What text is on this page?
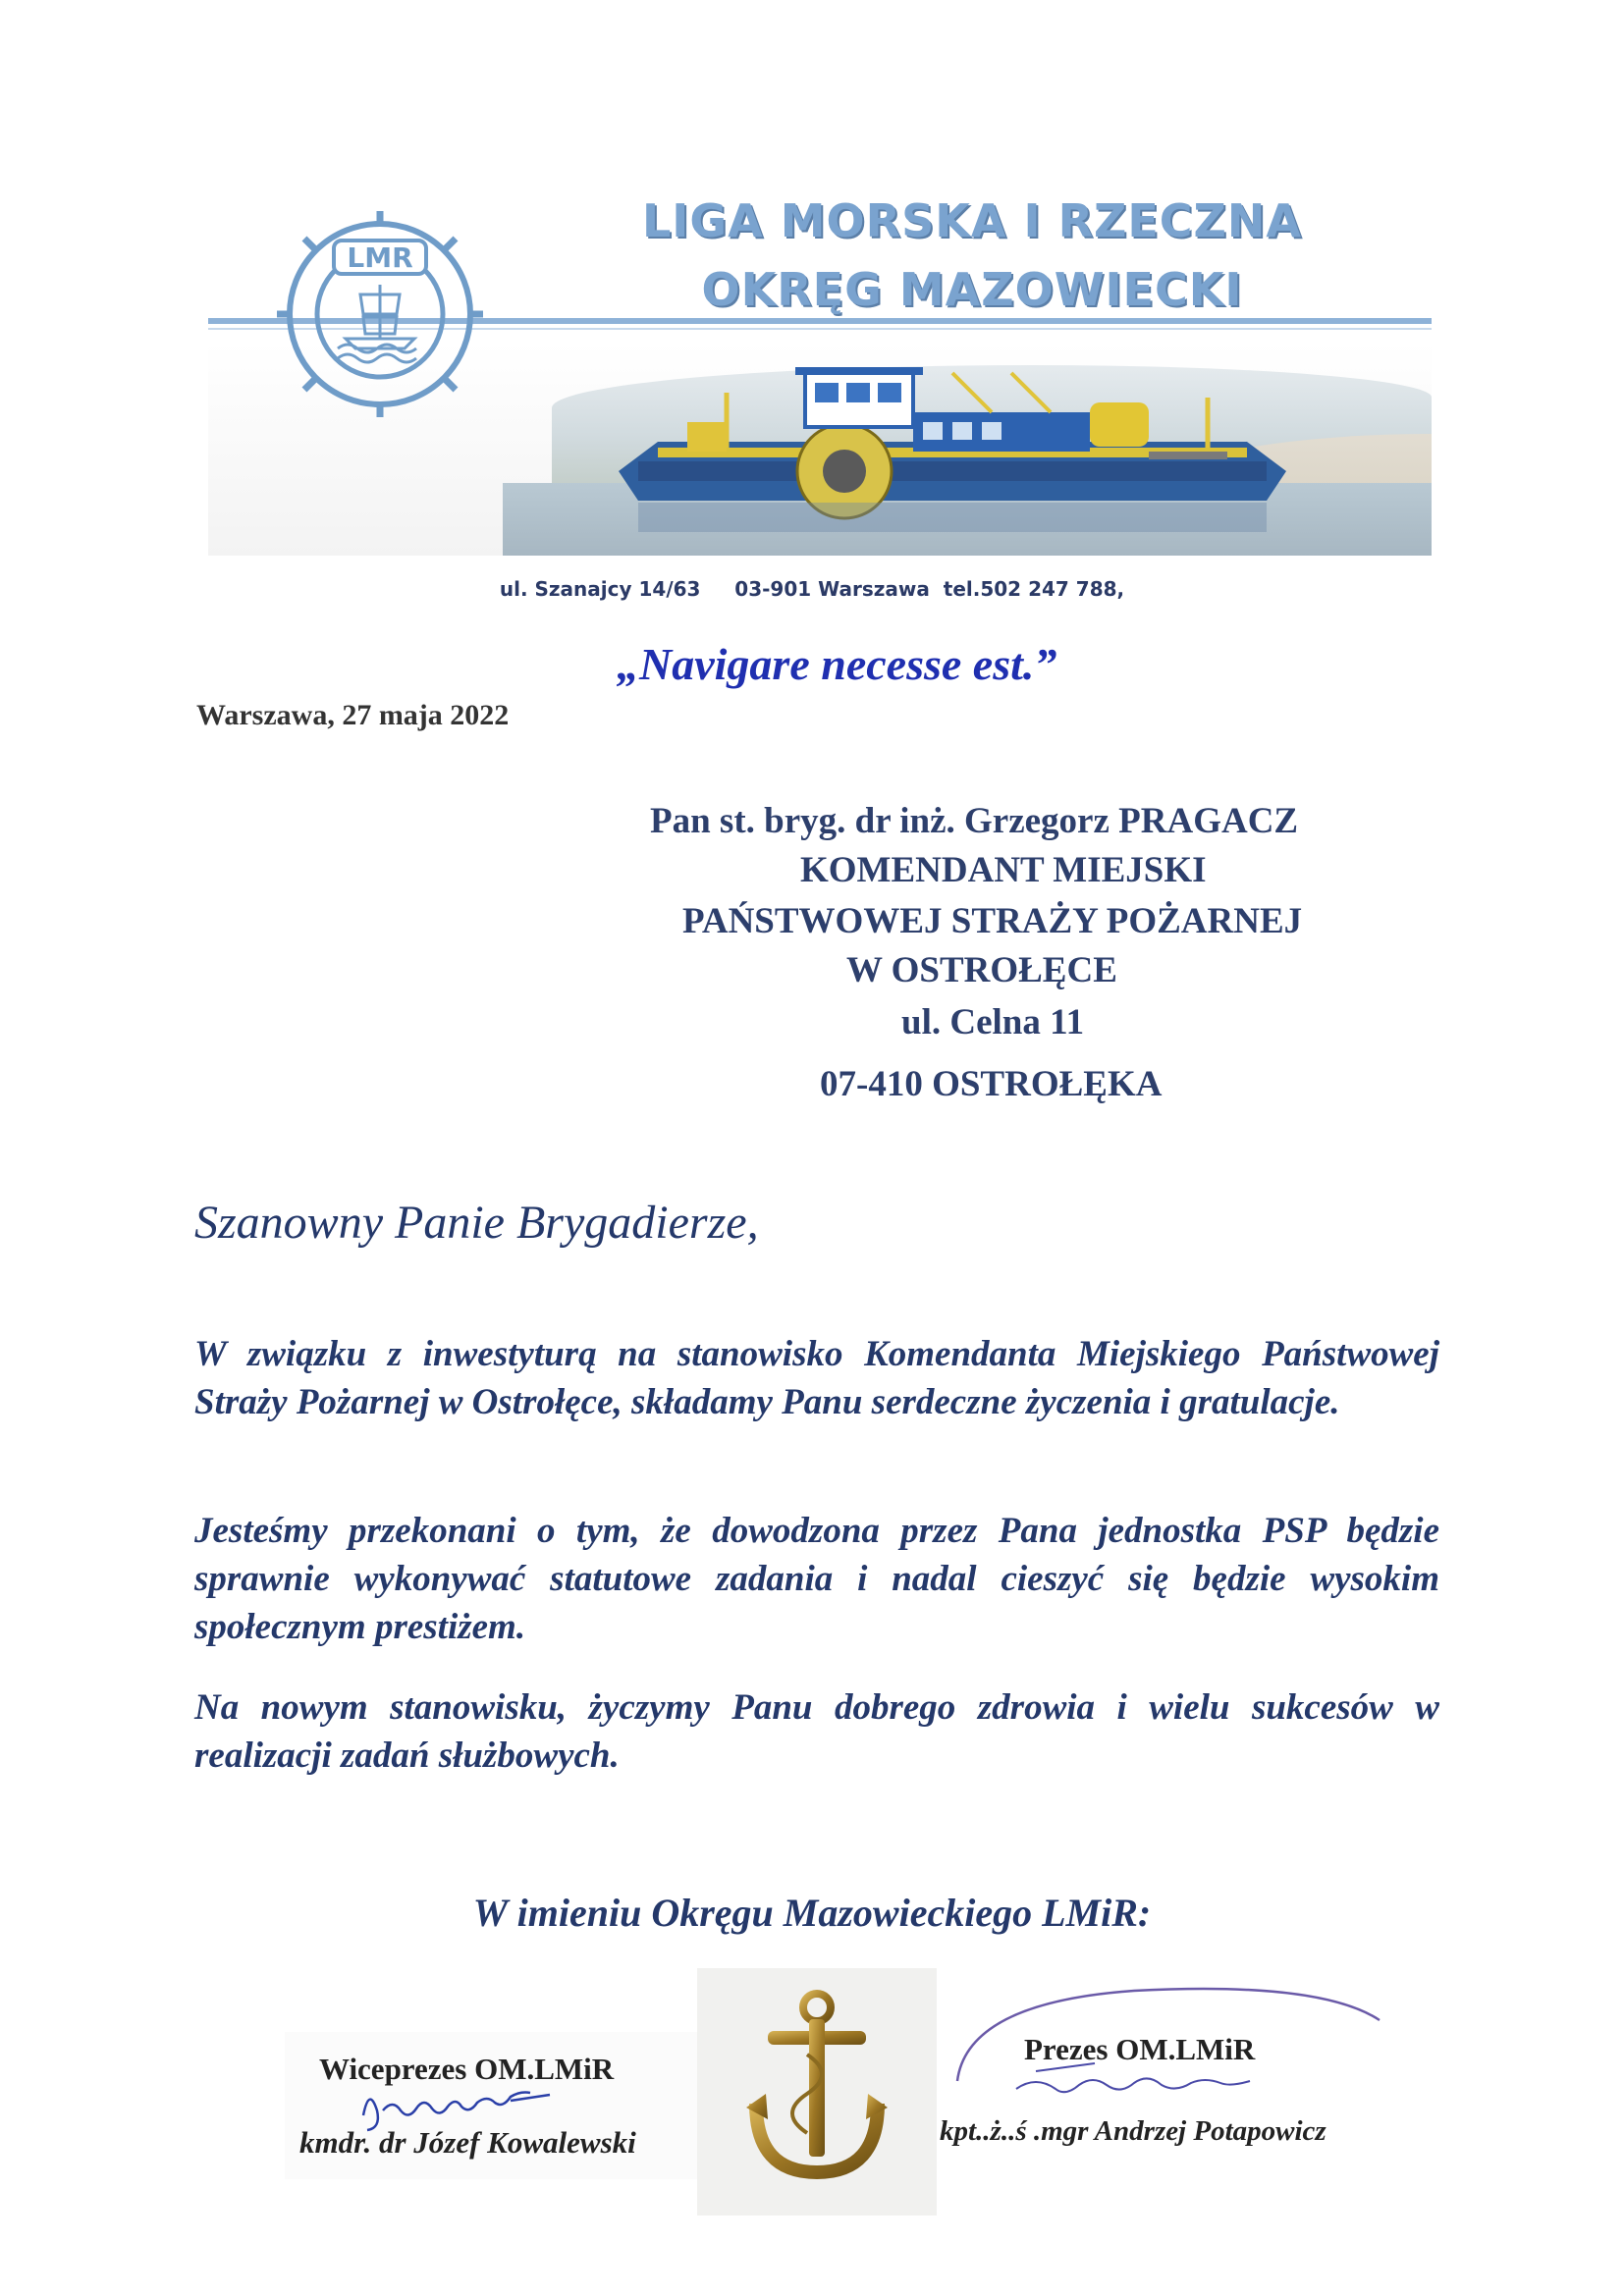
LMR
LIGA MORSKA I RZECZNA
OKRĘG MAZOWIECKI
ul. Szanajcy 14/63     03-901 Warszawa  tel.502 247 788,
„Navigare necesse est.”
Warszawa, 27 maja 2022
Pan st. bryg. dr inż. Grzegorz PRAGACZ
KOMENDANT MIEJSKI
PAŃSTWOWEJ STRAŻY POŻARNEJ
W OSTROŁĘCE
ul. Celna 11
07-410 OSTROŁĘKA
Szanowny Panie Brygadierze,
W związku z inwestyturą na stanowisko Komendanta Miejskiego Państwowej Straży Pożarnej w Ostrołęce, składamy Panu serdeczne życzenia i gratulacje.
Jesteśmy przekonani o tym, że dowodzona przez Pana jednostka PSP będzie sprawnie wykonywać statutowe zadania i nadal cieszyć się będzie wysokim społecznym prestiżem.
Na nowym stanowisku, życzymy Panu dobrego zdrowia i wielu sukcesów w realizacji zadań służbowych.
W imieniu Okręgu Mazowieckiego LMiR:
Wiceprezes OM.LMiR
kmdr. dr Józef Kowalewski
Prezes OM.LMiR
kpt..ż..ś .mgr Andrzej Potapowicz
